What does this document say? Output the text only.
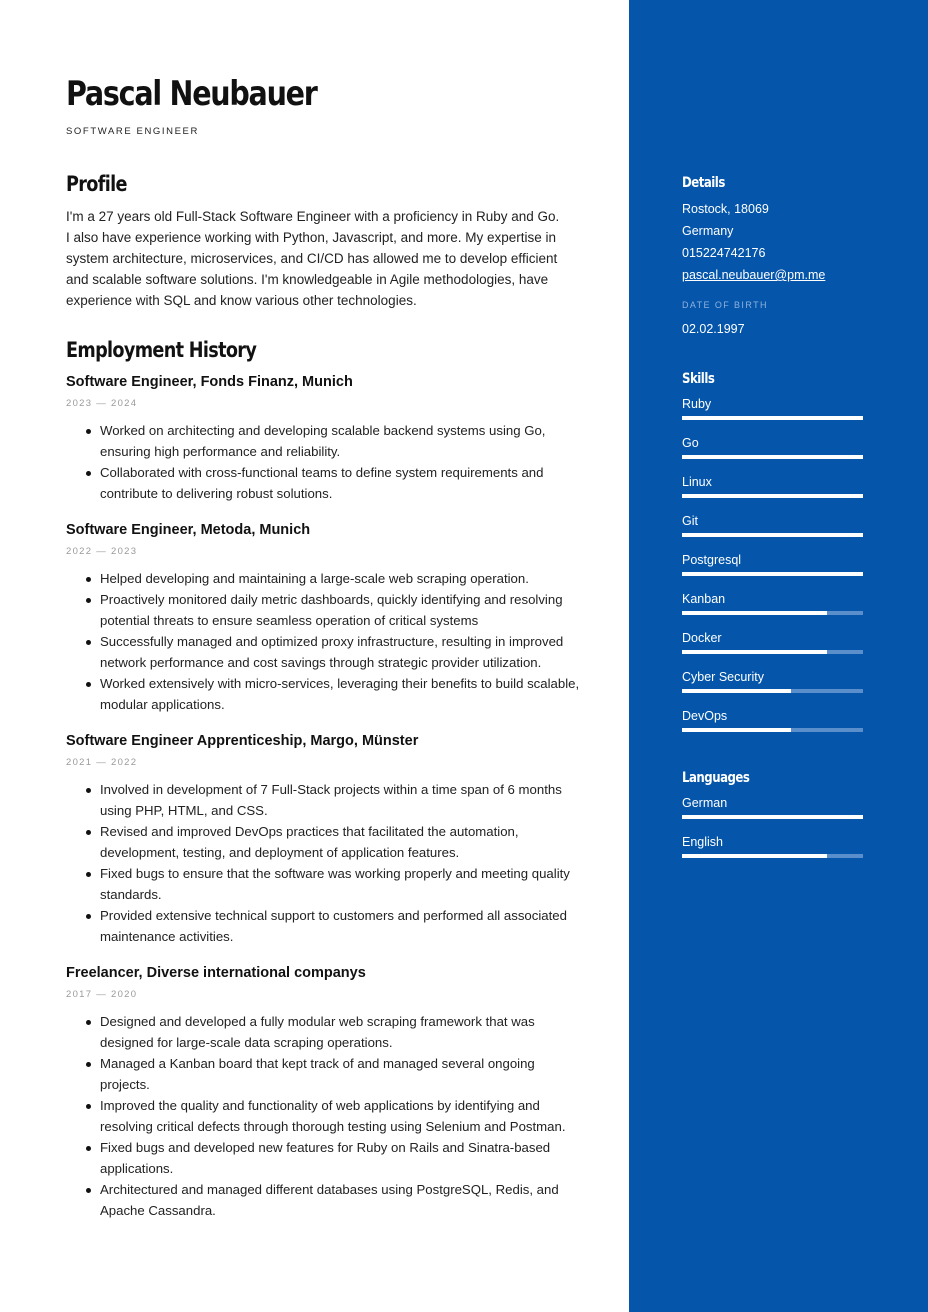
Pascal Neubauer
SOFTWARE ENGINEER
Profile
I'm a 27 years old Full-Stack Software Engineer with a proficiency in Ruby and Go.
I also have experience working with Python, Javascript, and more. My expertise in
system architecture, microservices, and CI/CD has allowed me to develop efficient
and scalable software solutions. I'm knowledgeable in Agile methodologies, have
experience with SQL and know various other technologies.
Employment History
Software Engineer, Fonds Finanz, Munich
2023 — 2024
Worked on architecting and developing scalable backend systems using Go, ensuring high performance and reliability.
Collaborated with cross-functional teams to define system requirements and contribute to delivering robust solutions.
Software Engineer, Metoda, Munich
2022 — 2023
Helped developing and maintaining a large-scale web scraping operation.
Proactively monitored daily metric dashboards, quickly identifying and resolving potential threats to ensure seamless operation of critical systems
Successfully managed and optimized proxy infrastructure, resulting in improved network performance and cost savings through strategic provider utilization.
Worked extensively with micro-services, leveraging their benefits to build scalable, modular applications.
Software Engineer Apprenticeship, Margo, Münster
2021 — 2022
Involved in development of 7 Full-Stack projects within a time span of 6 months using PHP, HTML, and CSS.
Revised and improved DevOps practices that facilitated the automation, development, testing, and deployment of application features.
Fixed bugs to ensure that the software was working properly and meeting quality standards.
Provided extensive technical support to customers and performed all associated maintenance activities.
Freelancer, Diverse international companys
2017 — 2020
Designed and developed a fully modular web scraping framework that was designed for large-scale data scraping operations.
Managed a Kanban board that kept track of and managed several ongoing projects.
Improved the quality and functionality of web applications by identifying and resolving critical defects through thorough testing using Selenium and Postman.
Fixed bugs and developed new features for Ruby on Rails and Sinatra-based applications.
Architectured and managed different databases using PostgreSQL, Redis, and Apache Cassandra.
Details
Rostock, 18069
Germany
015224742176
pascal.neubauer@pm.me
DATE OF BIRTH
02.02.1997
Skills
Ruby
Go
Linux
Git
Postgresql
Kanban
Docker
Cyber Security
DevOps
Languages
German
English
